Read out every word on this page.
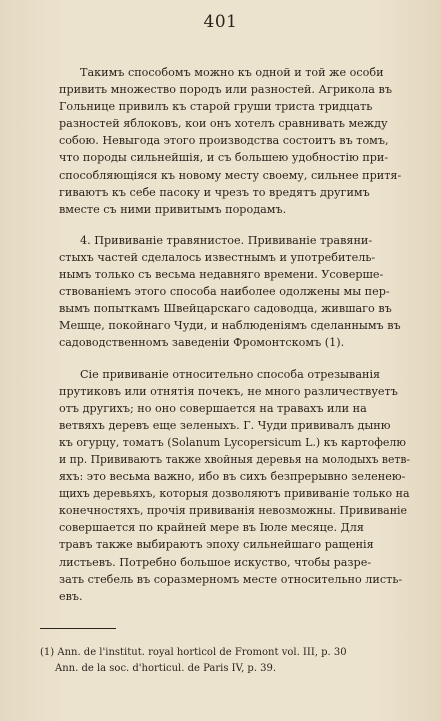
401

Такимъ способомъ можно къ одной и той же особи
привить множество породъ или разностей. Агрикола въ
Гольнице привилъ къ старой груши триста тридцать
разностей яблоковъ, кои онъ хотелъ сравнивать между
собою. Невыгода этого производства состоитъ въ томъ,
что породы сильнейшія, и съ большею удобностію при-
способляющіяся къ новому месту своему, сильнее притя-
гиваютъ къ себе пасоку и чрезъ то вредятъ другимъ
вместе съ ними привитымъ породамъ.

4. Прививаніе травянистое. Прививаніе травяни-
стыхъ частей сделалось известнымъ и употребитель-
нымъ только съ весьма недавняго времени. Усоверше-
ствованіемъ этого способа наиболее одолжены мы пер-
вымъ попыткамъ Швейцарскаго садоводца, жившаго въ
Мешце, покойнаго Чуди, и наблюденіямъ сделаннымъ въ
садоводственномъ заведеніи Фромонтскомъ (1).

Сіе прививаніе относительно способа отрезыванія
прутиковъ или отнятія почекъ, не много различествуетъ
отъ другихъ; но оно совершается на травахъ или на
ветвяхъ деревъ еще зеленыхъ. Г. Чуди прививалъ дыню
къ огурцу, томатъ (Solanum Lycopersicum L.) къ картофелю
и пр. Прививаютъ также хвойныя деревья на молодыхъ ветв-
яхъ: это весьма важно, ибо въ сихъ безпрерывно зеленею-
щихъ деревьяхъ, которыя дозволяютъ прививаніе только на
конечностяхъ, прочія прививанія невозможны. Прививаніе
совершается по крайней мере въ Іюле месяце. Для
травъ также выбираютъ эпоху сильнейшаго ращенія
листьевъ. Потребно большое искуство, чтобы разре-
зать стебель въ соразмерномъ месте относительно листь-
евъ.

(1) Ann. de l'institut. royal horticol de Fromont vol. III, p. 30
Ann. de la soc. d'horticul. de Paris IV, p. 39.
